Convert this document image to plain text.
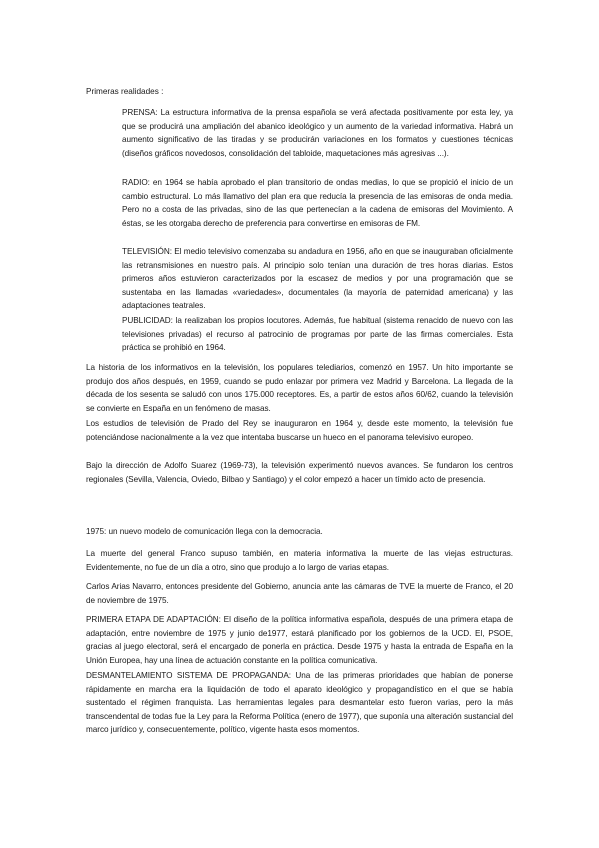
Primeras realidades :
PRENSA: La estructura informativa de la prensa española se verá afectada positivamente por esta ley, ya que se producirá una ampliación del abanico ideológico y un aumento de la variedad informativa. Habrá un aumento significativo de las tiradas y se producirán variaciones en los formatos y cuestiones técnicas (diseños gráficos novedosos, consolidación del tabloide, maquetaciones más agresivas ...).
RADIO: en 1964 se había aprobado el plan transitorio de ondas medias, lo que se propició el inicio de un cambio estructural. Lo más llamativo del plan era que reducía la presencia de las emisoras de onda media. Pero no a costa de las privadas, sino de las que pertenecían a la cadena de emisoras del Movimiento. A éstas, se les otorgaba derecho de preferencia para convertirse en emisoras de FM.
TELEVISIÓN: El medio televisivo comenzaba su andadura en 1956, año en que se inauguraban oficialmente las retransmisiones en nuestro país. Al principio solo tenían una duración de tres horas diarias. Estos primeros años estuvieron caracterizados por la escasez de medios y por una programación que se sustentaba en las llamadas «variedades», documentales (la mayoría de paternidad americana) y las adaptaciones teatrales.
PUBLICIDAD: la realizaban los propios locutores. Además, fue habitual (sistema renacido de nuevo con las televisiones privadas) el recurso al patrocinio de programas por parte de las firmas comerciales. Esta práctica se prohibió en 1964.
La historia de los informativos en la televisión, los populares telediarios, comenzó en 1957. Un hito importante se produjo dos años después, en 1959, cuando se pudo enlazar por primera vez Madrid y Barcelona. La llegada de la década de los sesenta se saludó con unos 175.000 receptores. Es, a partir de estos años 60/62, cuando la televisión se convierte en España en un fenómeno de masas.
Los estudios de televisión de Prado del Rey se inauguraron en 1964 y, desde este momento, la televisión fue potenciándose nacionalmente a la vez que intentaba buscarse un hueco en el panorama televisivo europeo.
Bajo la dirección de Adolfo Suarez (1969-73), la televisión experimentó nuevos avances. Se fundaron los centros regionales (Sevilla, Valencia, Oviedo, Bilbao y Santiago) y el color empezó a hacer un tímido acto de presencia.
1975: un nuevo modelo de comunicación llega con la democracia.
La muerte del general Franco supuso también, en materia informativa la muerte de las viejas estructuras. Evidentemente, no fue de un día a otro, sino que produjo a lo largo de varias etapas.
Carlos Arias Navarro, entonces presidente del Gobierno, anuncia ante las cámaras de TVE la muerte de Franco, el 20 de noviembre de 1975.
PRIMERA ETAPA DE ADAPTACIÓN: El diseño de la política informativa española, después de una primera etapa de adaptación, entre noviembre de 1975 y junio de1977, estará planificado por los gobiernos de la UCD. El, PSOE, gracias al juego electoral, será el encargado de ponerla en práctica. Desde 1975 y hasta la entrada de España en la Unión Europea, hay una línea de actuación constante en la política comunicativa.
DESMANTELAMIENTO SISTEMA DE PROPAGANDA: Una de las primeras prioridades que habían de ponerse rápidamente en marcha era la liquidación de todo el aparato ideológico y propagandístico en el que se había sustentado el régimen franquista. Las herramientas legales para desmantelar esto fueron varias, pero la más transcendental de todas fue la Ley para la Reforma Política (enero de 1977), que suponía una alteración sustancial del marco jurídico y, consecuentemente, político, vigente hasta esos momentos.
